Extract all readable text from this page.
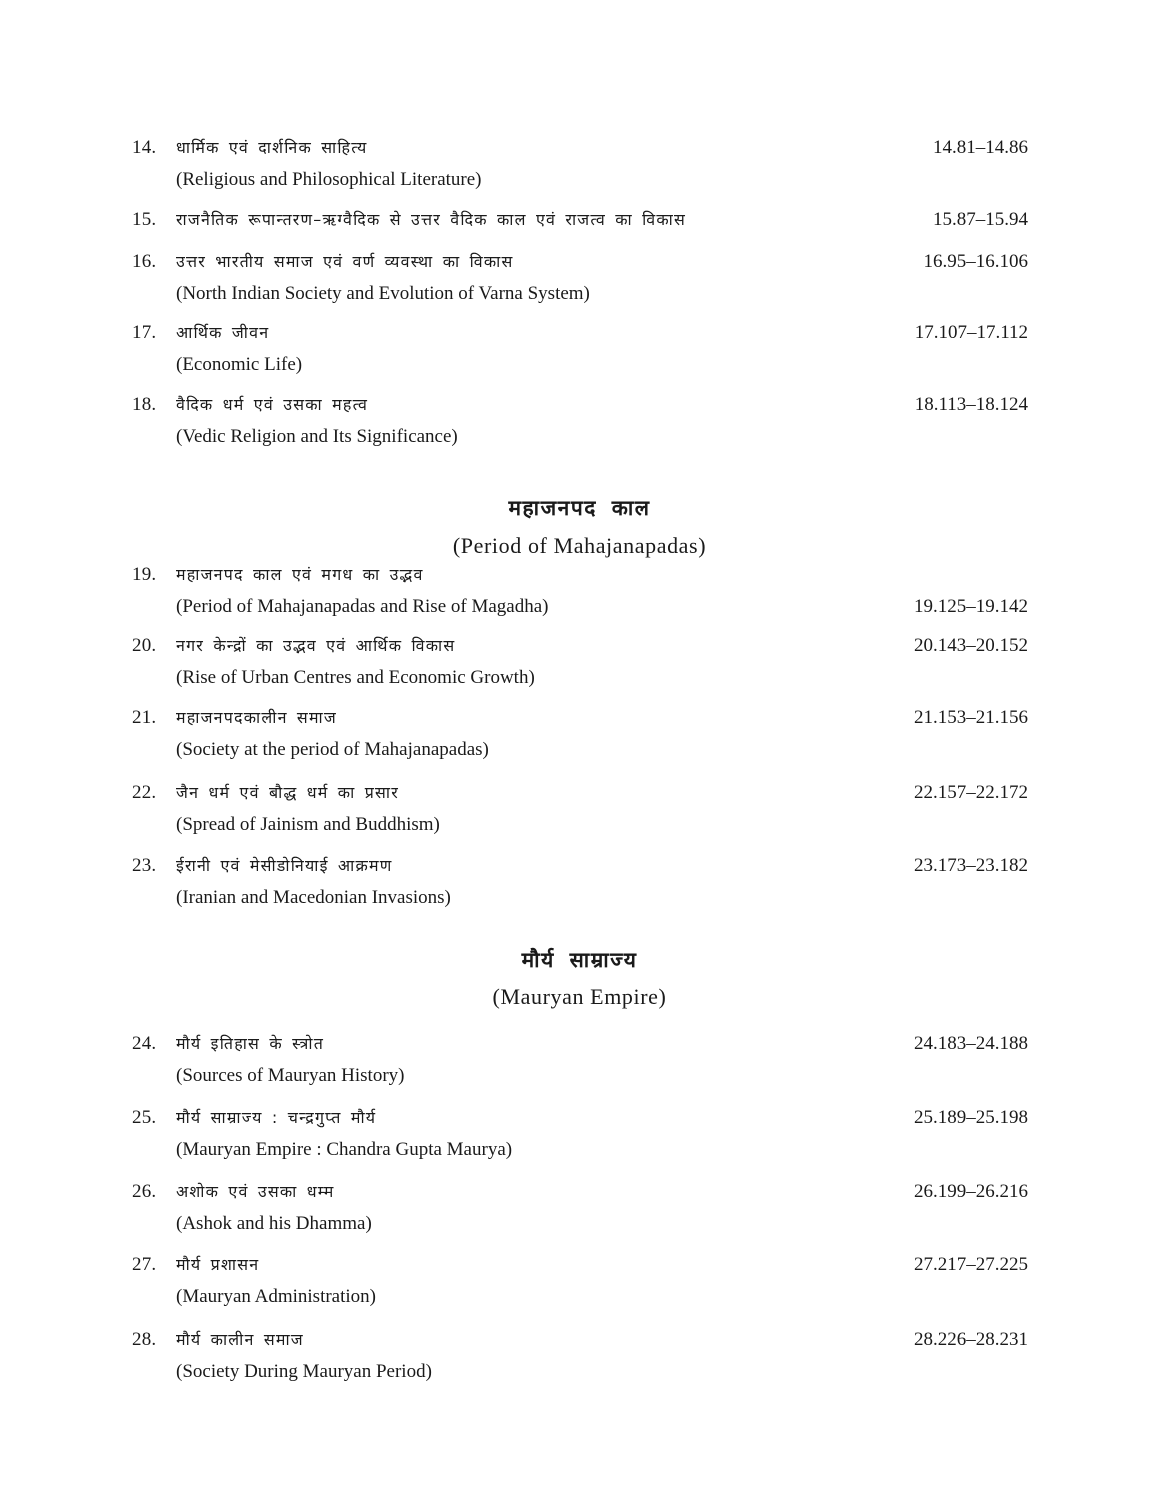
14. धार्मिक एवं दार्शनिक साहित्य
(Religious and Philosophical Literature)
14.81–14.86
15. राजनैतिक रूपान्तरण–ऋग्वैदिक से उत्तर वैदिक काल एवं राजत्व का विकास	15.87–15.94
16. उत्तर भारतीय समाज एवं वर्ण व्यवस्था का विकास
(North Indian Society and Evolution of Varna System)
16.95–16.106
17. आर्थिक जीवन
(Economic Life)
17.107–17.112
18. वैदिक धर्म एवं उसका महत्व
(Vedic Religion and Its Significance)
18.113–18.124
महाजनपद काल
(Period of Mahajanapadas)
19. महाजनपद काल एवं मगध का उद्भव
(Period of Mahajanapadas and Rise of Magadha)	19.125–19.142
20. नगर केन्द्रों का उद्भव एवं आर्थिक विकास
(Rise of Urban Centres and Economic Growth)
20.143–20.152
21. महाजनपदकालीन समाज
(Society at the period of Mahajanapadas)
21.153–21.156
22. जैन धर्म एवं बौद्ध धर्म का प्रसार
(Spread of Jainism and Buddhism)
22.157–22.172
23. ईरानी एवं मेसीडोनियाई आक्रमण
(Iranian and Macedonian Invasions)
23.173–23.182
मौर्य साम्राज्य
(Mauryan Empire)
24. मौर्य इतिहास के स्त्रोत
(Sources of Mauryan History)
24.183–24.188
25. मौर्य साम्राज्य : चन्द्रगुप्त मौर्य
(Mauryan Empire : Chandra Gupta Maurya)
25.189–25.198
26. अशोक एवं उसका धम्म
(Ashok and his Dhamma)
26.199–26.216
27. मौर्य प्रशासन
(Mauryan Administration)
27.217–27.225
28. मौर्य कालीन समाज
(Society During Mauryan Period)
28.226–28.231
